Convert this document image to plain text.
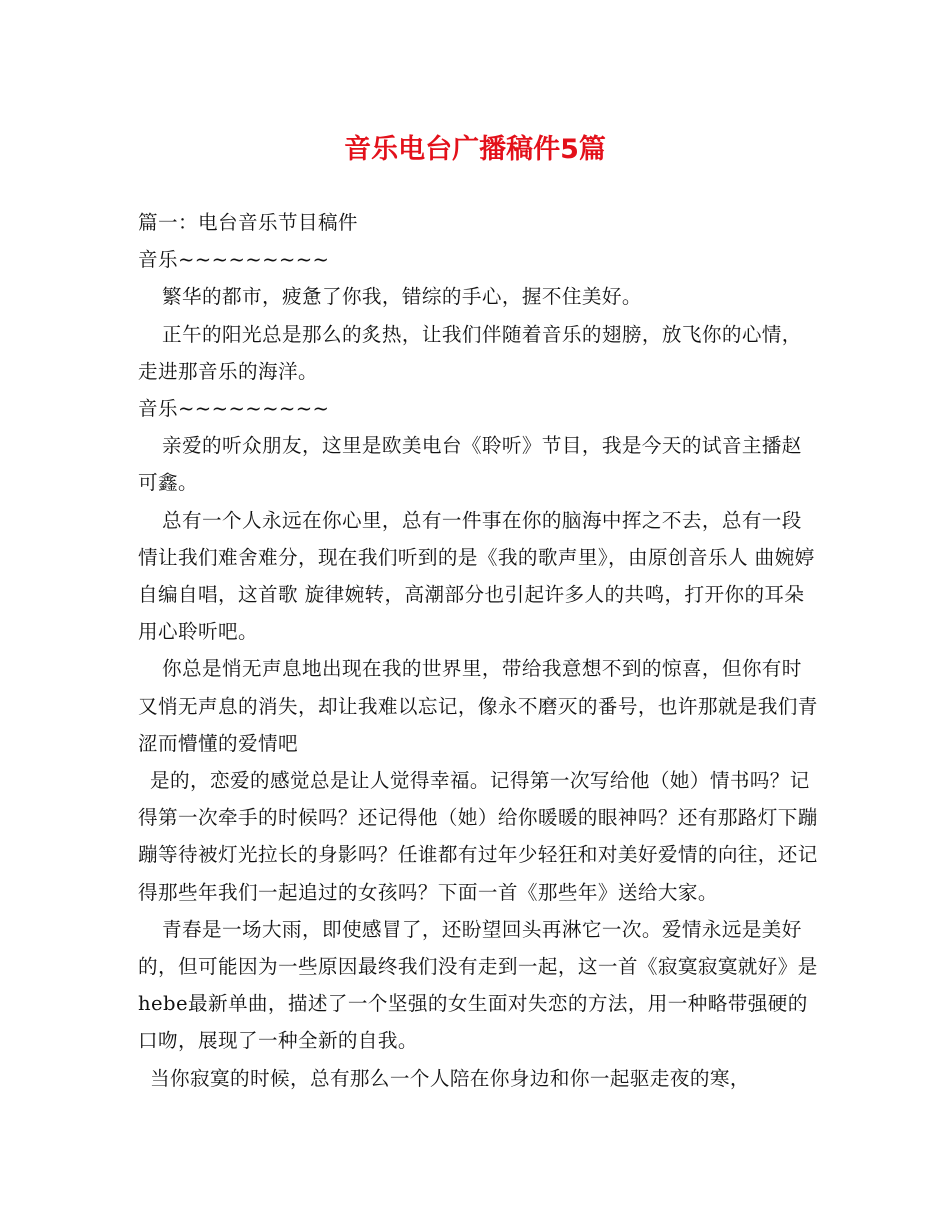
音乐电台广播稿件5篇

篇一：电台音乐节目稿件

音乐~~~~~~~~~

繁华的都市，疲惫了你我，错综的手心，握不住美好。

正午的阳光总是那么的炙热，让我们伴随着音乐的翅膀，放飞你的心情，走进那音乐的海洋。

音乐~~~~~~~~~

亲爱的听众朋友，这里是欧美电台《聆听》节目，我是今天的试音主播赵可鑫。

总有一个人永远在你心里，总有一件事在你的脑海中挥之不去，总有一段情让我们难舍难分，现在我们听到的是《我的歌声里》，由原创音乐人 曲婉婷 自编自唱，这首歌 旋律婉转，高潮部分也引起许多人的共鸣，打开你的耳朵用心聆听吧。

你总是悄无声息地出现在我的世界里，带给我意想不到的惊喜，但你有时又悄无声息的消失，却让我难以忘记，像永不磨灭的番号，也许那就是我们青涩而懵懂的爱情吧

是的，恋爱的感觉总是让人觉得幸福。记得第一次写给他（她）情书吗？记得第一次牵手的时候吗？还记得他（她）给你暖暖的眼神吗？还有那路灯下蹦蹦等待被灯光拉长的身影吗？任谁都有过年少轻狂和对美好爱情的向往，还记得那些年我们一起追过的女孩吗？下面一首《那些年》送给大家。

青春是一场大雨，即使感冒了，还盼望回头再淋它一次。爱情永远是美好的，但可能因为一些原因最终我们没有走到一起，这一首《寂寞寂寞就好》是hebe最新单曲，描述了一个坚强的女生面对失恋的方法，用一种略带强硬的口吻，展现了一种全新的自我。

当你寂寞的时候，总有那么一个人陪在你身边和你一起驱走夜的寒，
